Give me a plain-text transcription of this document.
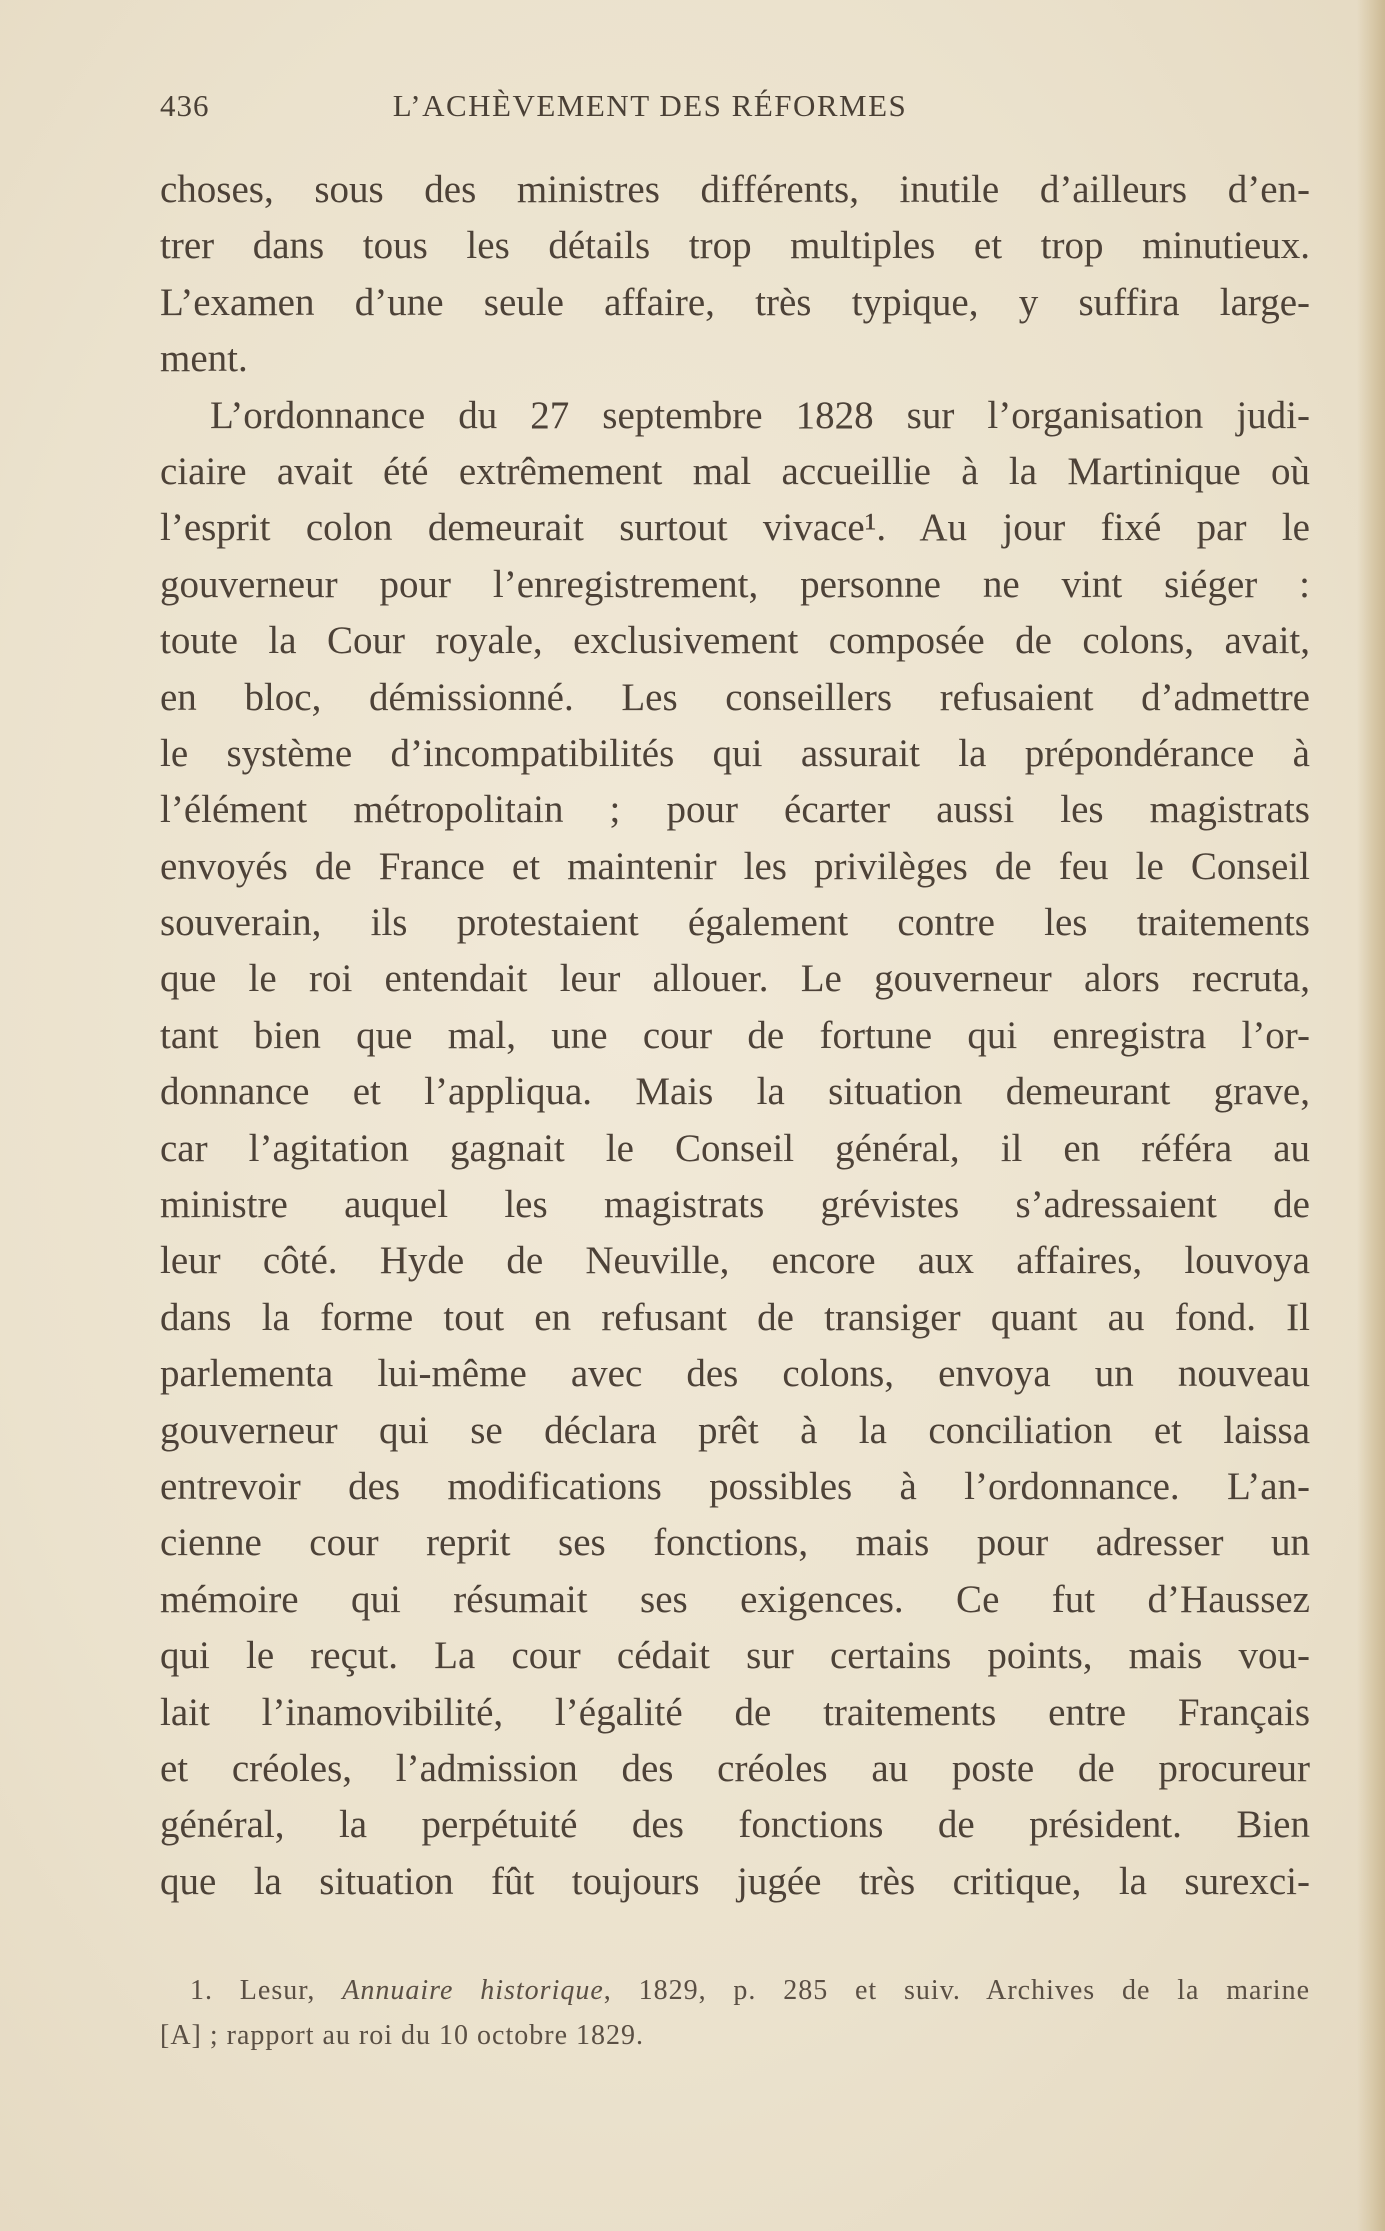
436	L’ACHÈVEMENT DES RÉFORMES
choses, sous des ministres différents, inutile d’ailleurs d’en-
trer dans tous les détails trop multiples et trop minutieux.
L’examen d’une seule affaire, très typique, y suffira large-
ment.
L’ordonnance du 27 septembre 1828 sur l’organisation judi-
ciaire avait été extrêmement mal accueillie à la Martinique où
l’esprit colon demeurait surtout vivace¹. Au jour fixé par le
gouverneur pour l’enregistrement, personne ne vint siéger :
toute la Cour royale, exclusivement composée de colons, avait,
en bloc, démissionné. Les conseillers refusaient d’admettre
le système d’incompatibilités qui assurait la prépondérance à
l’élément métropolitain ; pour écarter aussi les magistrats
envoyés de France et maintenir les privilèges de feu le Conseil
souverain, ils protestaient également contre les traitements
que le roi entendait leur allouer. Le gouverneur alors recruta,
tant bien que mal, une cour de fortune qui enregistra l’or-
donnance et l’appliqua. Mais la situation demeurant grave,
car l’agitation gagnait le Conseil général, il en référa au
ministre auquel les magistrats grévistes s’adressaient de
leur côté. Hyde de Neuville, encore aux affaires, louvoya
dans la forme tout en refusant de transiger quant au fond. Il
parlementa lui-même avec des colons, envoya un nouveau
gouverneur qui se déclara prêt à la conciliation et laissa
entrevoir des modifications possibles à l’ordonnance. L’an-
cienne cour reprit ses fonctions, mais pour adresser un
mémoire qui résumait ses exigences. Ce fut d’Haussez
qui le reçut. La cour cédait sur certains points, mais vou-
lait l’inamovibilité, l’égalité de traitements entre Français
et créoles, l’admission des créoles au poste de procureur
général, la perpétuité des fonctions de président. Bien
que la situation fût toujours jugée très critique, la surexci-
1. Lesur, Annuaire historique, 1829, p. 285 et suiv. Archives de la marine
[A] ; rapport au roi du 10 octobre 1829.
